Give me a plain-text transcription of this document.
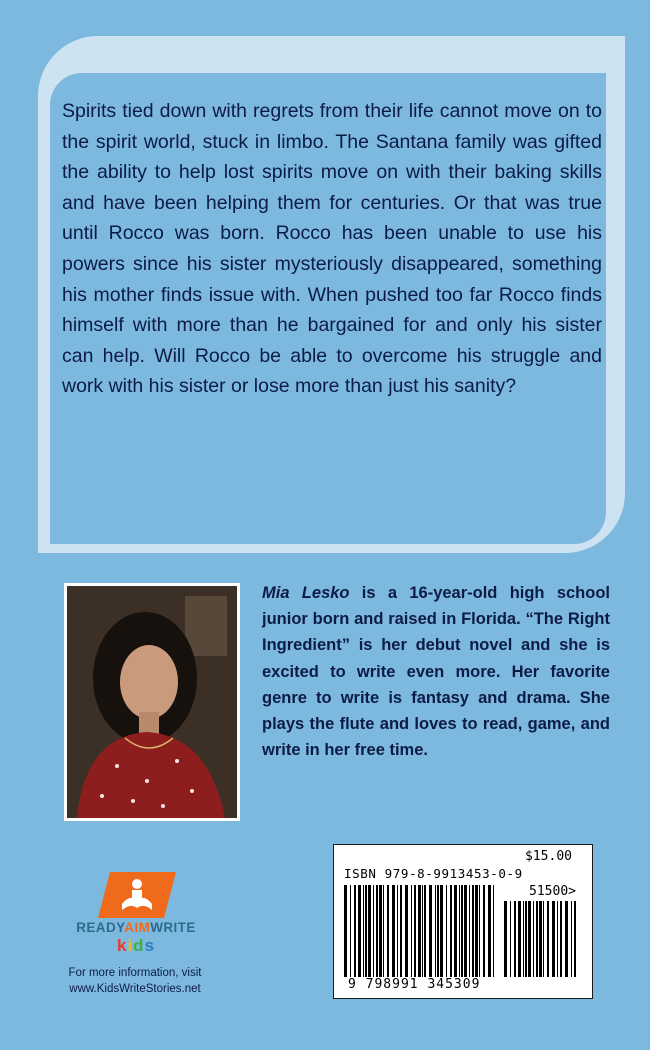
Spirits tied down with regrets from their life cannot move on to the spirit world, stuck in limbo. The Santana family was gifted the ability to help lost spirits move on with their baking skills and have been helping them for centuries. Or that was true until Rocco was born. Rocco has been unable to use his powers since his sister mysteriously disappeared, something his mother finds issue with. When pushed too far Rocco finds himself with more than he bargained for and only his sister can help. Will Rocco be able to overcome his struggle and work with his sister or lose more than just his sanity?

Mia Lesko is a 16-year-old high school junior born and raised in Florida. “The Right Ingredient” is her debut novel and she is excited to write even more. Her favorite genre to write is fantasy and drama. She plays the flute and loves to read, game, and write in her free time.

READYAIMWRITE
kids
For more information, visit
www.KidsWriteStories.net
$15.00
ISBN 979-8-9913453-0-9
51500>
9 798991 345309
